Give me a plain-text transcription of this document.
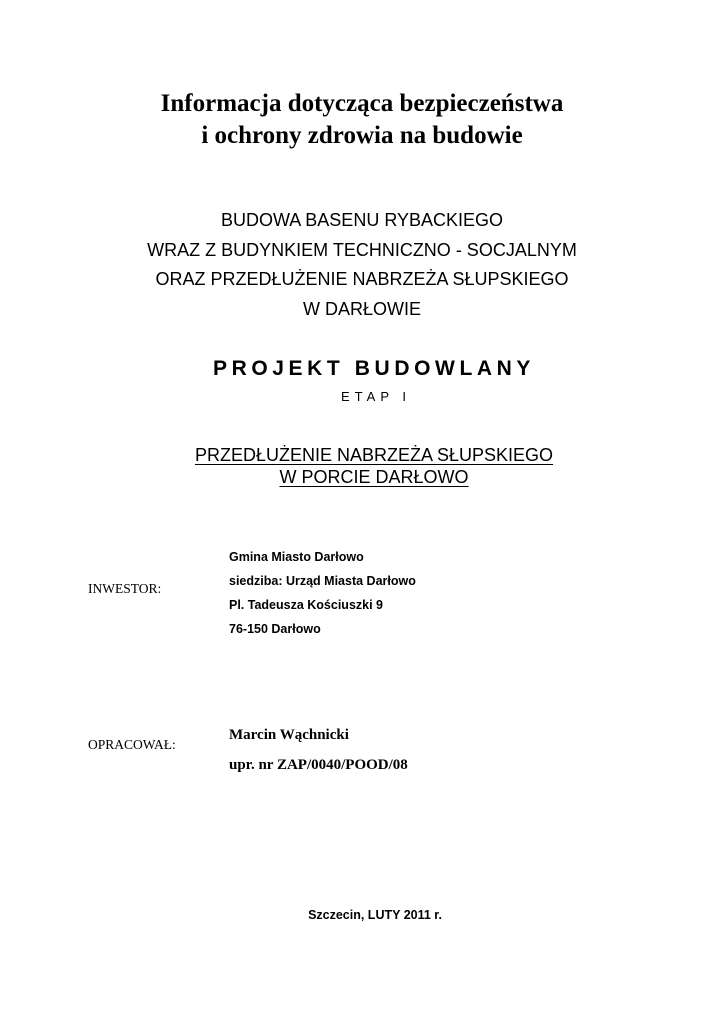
Informacja dotycząca bezpieczeństwa
i ochrony zdrowia na budowie
BUDOWA BASENU RYBACKIEGO
WRAZ Z BUDYNKIEM TECHNICZNO - SOCJALNYM
ORAZ PRZEDŁUŻENIE NABRZEŻA SŁUPSKIEGO
W DARŁOWIE
PROJEKT BUDOWLANY
ETAP I
PRZEDŁUŻENIE NABRZEŻA SŁUPSKIEGO
W PORCIE DARŁOWO
INWESTOR:
Gmina Miasto Darłowo
siedziba: Urząd Miasta Darłowo
Pl. Tadeusza Kościuszki 9
76-150 Darłowo
OPRACOWAŁ:
Marcin Wąchnicki
upr. nr ZAP/0040/POOD/08
Szczecin, LUTY 2011 r.
